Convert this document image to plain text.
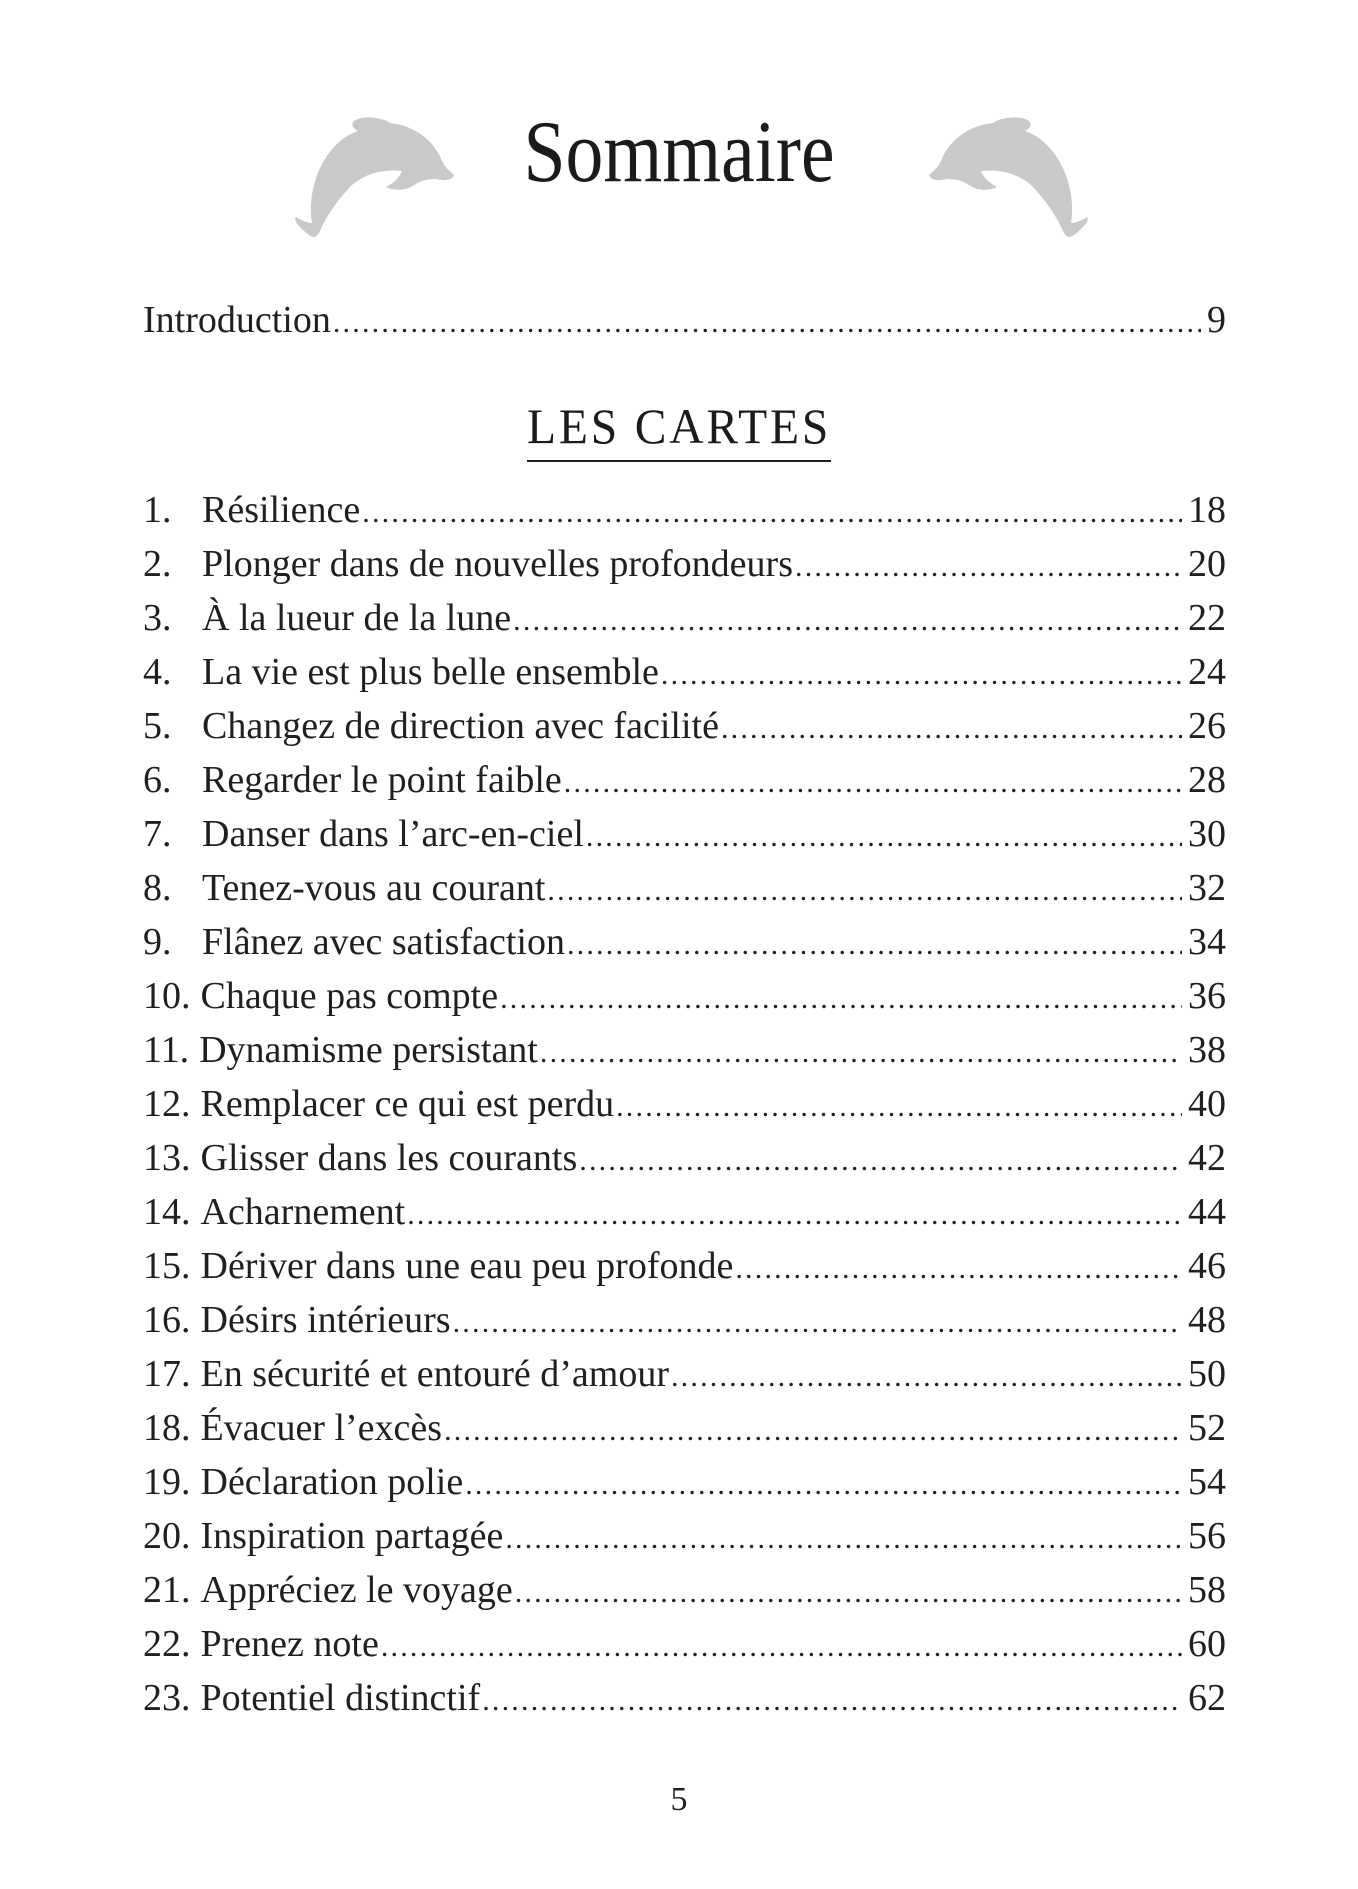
Sommaire
Introduction .....	9
LES CARTES
1. Résilience .....	18
2. Plonger dans de nouvelles profondeurs .....	20
3. À la lueur de la lune .....	22
4. La vie est plus belle ensemble .....	24
5. Changez de direction avec facilité .....	26
6. Regarder le point faible .....	28
7. Danser dans l’arc-en-ciel .....	30
8. Tenez-vous au courant .....	32
9. Flânez avec satisfaction .....	34
10. Chaque pas compte .....	36
11. Dynamisme persistant .....	38
12. Remplacer ce qui est perdu .....	40
13. Glisser dans les courants .....	42
14. Acharnement .....	44
15. Dériver dans une eau peu profonde .....	46
16. Désirs intérieurs .....	48
17. En sécurité et entouré d’amour .....	50
18. Évacuer l’excès .....	52
19. Déclaration polie .....	54
20. Inspiration partagée .....	56
21. Appréciez le voyage .....	58
22. Prenez note .....	60
23. Potentiel distinctif .....	62
5
